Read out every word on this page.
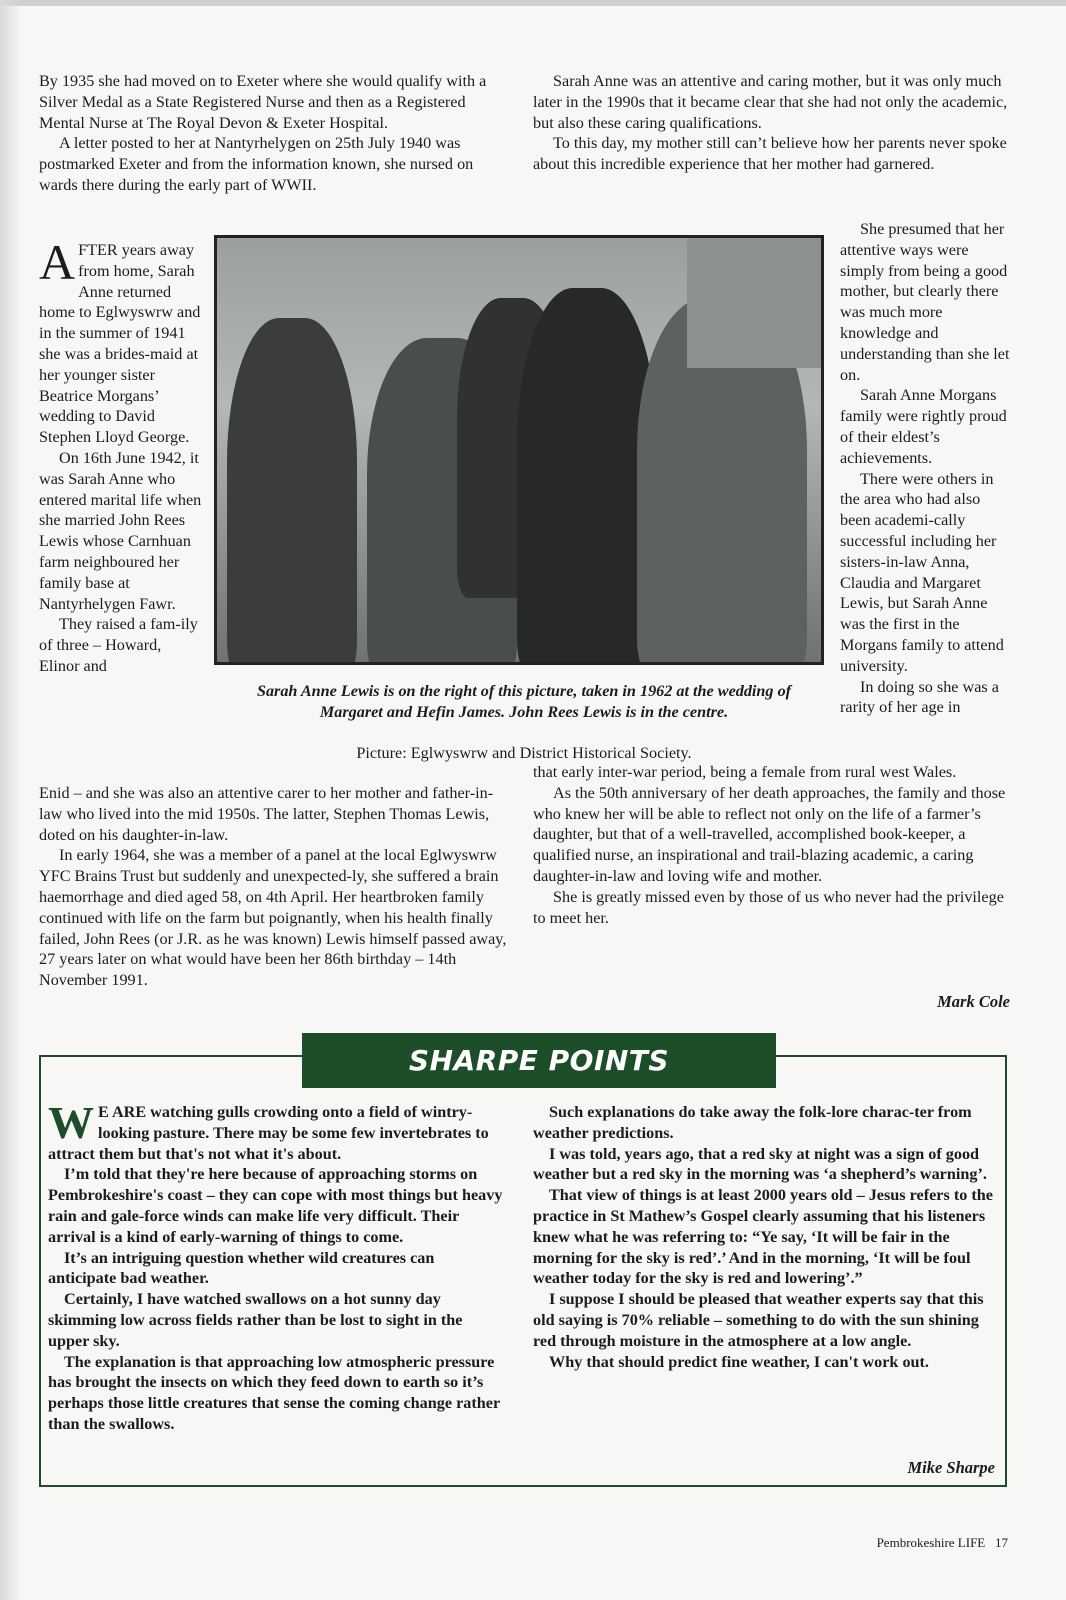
By 1935 she had moved on to Exeter where she would qualify with a Silver Medal as a State Registered Nurse and then as a Registered Mental Nurse at The Royal Devon & Exeter Hospital.

A letter posted to her at Nantyrhelygen on 25th July 1940 was postmarked Exeter and from the information known, she nursed on wards there during the early part of WWII.

Sarah Anne was an attentive and caring mother, but it was only much later in the 1990s that it became clear that she had not only the academic, but also these caring qualifications.

To this day, my mother still can’t believe how her parents never spoke about this incredible experience that her mother had garnered.

AFTER years away from home, Sarah Anne returned home to Eglwyswrw and in the summer of 1941 she was a brides-maid at her younger sister Beatrice Morgans’ wedding to David Stephen Lloyd George.

On 16th June 1942, it was Sarah Anne who entered marital life when she married John Rees Lewis whose Carnhuan farm neighboured her family base at Nantyrhelygen Fawr.

They raised a fam-ily of three – Howard, Elinor and

Sarah Anne Lewis is on the right of this picture, taken in 1962 at the wedding of Margaret and Hefin James. John Rees Lewis is in the centre.
Picture: Eglwyswrw and District Historical Society.

She presumed that her attentive ways were simply from being a good mother, but clearly there was much more knowledge and understanding than she let on.

Sarah Anne Morgans family were rightly proud of their eldest’s achievements.

There were others in the area who had also been academi-cally successful including her sisters-in-law Anna, Claudia and Margaret Lewis, but Sarah Anne was the first in the Morgans family to attend university.

In doing so she was a rarity of her age in

Enid – and she was also an attentive carer to her mother and father-in-law who lived into the mid 1950s. The latter, Stephen Thomas Lewis, doted on his daughter-in-law.

In early 1964, she was a member of a panel at the local Eglwyswrw YFC Brains Trust but suddenly and unexpected-ly, she suffered a brain haemorrhage and died aged 58, on 4th April. Her heartbroken family continued with life on the farm but poignantly, when his health finally failed, John Rees (or J.R. as he was known) Lewis himself passed away, 27 years later on what would have been her 86th birthday – 14th November 1991.

that early inter-war period, being a female from rural west Wales.

As the 50th anniversary of her death approaches, the family and those who knew her will be able to reflect not only on the life of a farmer’s daughter, but that of a well-travelled, accomplished book-keeper, a qualified nurse, an inspirational and trail-blazing academic, a caring daughter-in-law and loving wife and mother.

She is greatly missed even by those of us who never had the privilege to meet her.

Mark Cole
SHARPE POINTS

W E ARE watching gulls crowding onto a field of wintry-looking pasture. There may be some few invertebrates to attract them but that's not what it's about.

I’m told that they're here because of approaching storms on Pembrokeshire's coast – they can cope with most things but heavy rain and gale-force winds can make life very difficult. Their arrival is a kind of early-warning of things to come.

It’s an intriguing question whether wild creatures can anticipate bad weather.

Certainly, I have watched swallows on a hot sunny day skimming low across fields rather than be lost to sight in the upper sky.

The explanation is that approaching low atmospheric pressure has brought the insects on which they feed down to earth so it’s perhaps those little creatures that sense the coming change rather than the swallows.

Such explanations do take away the folk-lore charac-ter from weather predictions.

I was told, years ago, that a red sky at night was a sign of good weather but a red sky in the morning was ‘a shepherd’s warning’.

That view of things is at least 2000 years old – Jesus refers to the practice in St Mathew’s Gospel clearly assuming that his listeners knew what he was referring to: “Ye say, ‘It will be fair in the morning for the sky is red’.’ And in the morning, ‘It will be foul weather today for the sky is red and lowering’.”

I suppose I should be pleased that weather experts say that this old saying is 70% reliable – something to do with the sun shining red through moisture in the atmosphere at a low angle.

Why that should predict fine weather, I can't work out.

Mike Sharpe
Pembrokeshire LIFE 17
